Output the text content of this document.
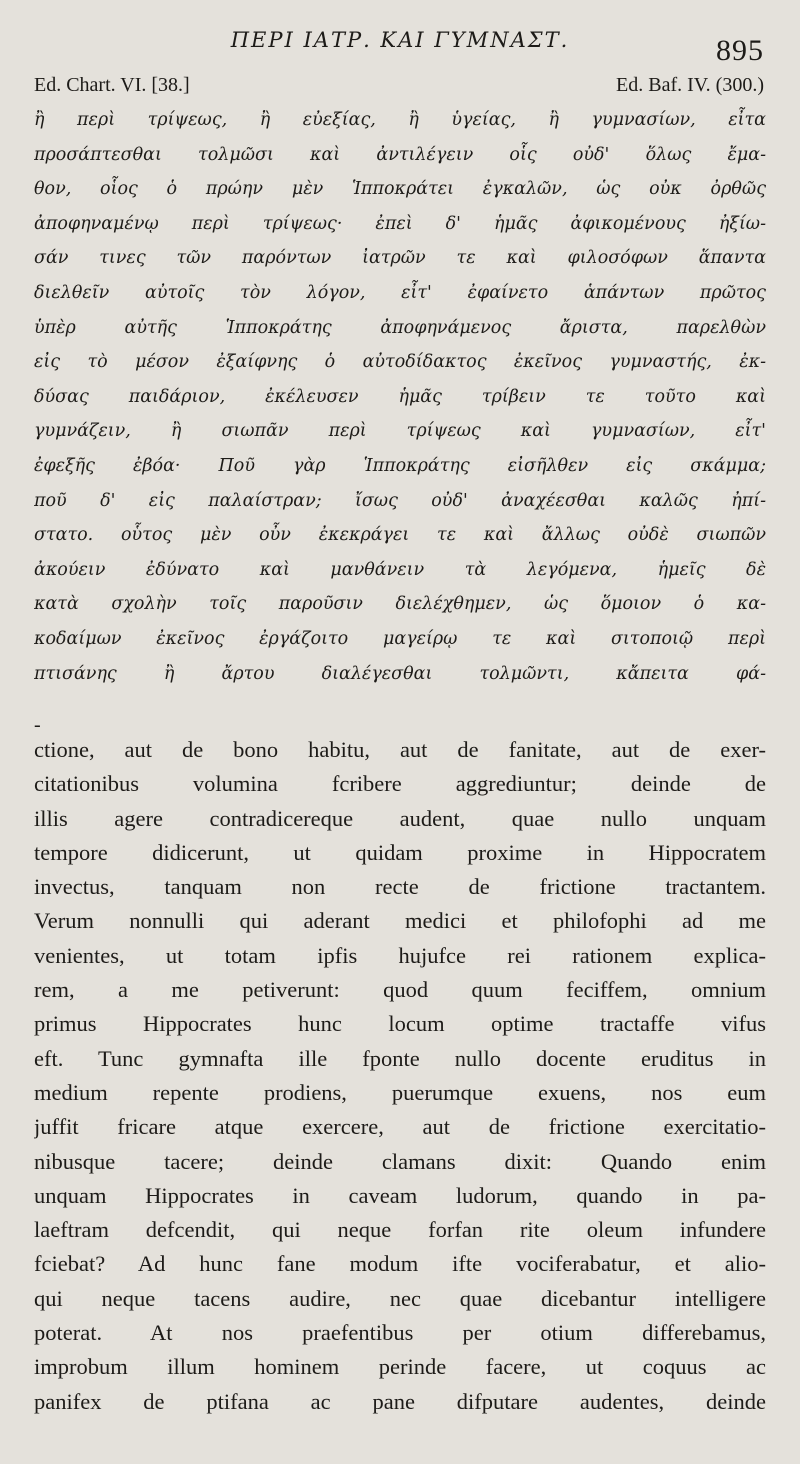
ΠΕΡΙ ΙΑΤΡ. ΚΑΙ ΓΥΜΝΑΣΤ.	895
Ed. Chart. VI. [38.]	Ed. Baf. IV. (300.)
ἢ περὶ τρίψεως, ἢ εὐεξίας, ἢ ὑγείας, ἢ γυμνασίων, εἶτα
προσάπτεσθαι τολμῶσι καὶ ἀντιλέγειν οἷς οὐδ' ὅλως ἔμα-
θον, οἷος ὁ πρώην μὲν Ἱπποκράτει ἐγκαλῶν, ὡς οὐκ ὀρθῶς
ἀποφηναμένῳ περὶ τρίψεως· ἐπεὶ δ' ἡμᾶς ἀφικομένους ἠξίω-
σάν τινες τῶν παρόντων ἰατρῶν τε καὶ φιλοσόφων ἅπαντα
διελθεῖν αὐτοῖς τὸν λόγον, εἶτ' ἐφαίνετο ἁπάντων πρῶτος
ὑπὲρ αὐτῆς Ἱπποκράτης ἀποφηνάμενος ἄριστα, παρελθὼν
εἰς τὸ μέσον ἐξαίφνης ὁ αὐτοδίδακτος ἐκεῖνος γυμναστής, ἐκ-
δύσας παιδάριον, ἐκέλευσεν ἡμᾶς τρίβειν τε τοῦτο καὶ
γυμνάζειν, ἢ σιωπᾶν περὶ τρίψεως καὶ γυμνασίων, εἶτ'
ἐφεξῆς ἐβόα· Ποῦ γὰρ Ἱπποκράτης εἰσῆλθεν εἰς σκάμμα;
ποῦ δ' εἰς παλαίστραν; ἴσως οὐδ' ἀναχέεσθαι καλῶς ἠπί-
στατο. οὗτος μὲν οὖν ἐκεκράγει τε καὶ ἄλλως οὐδὲ σιωπῶν
ἀκούειν ἐδύνατο καὶ μανθάνειν τὰ λεγόμενα, ἡμεῖς δὲ
κατὰ σχολὴν τοῖς παροῦσιν διελέχθημεν, ὡς ὅμοιον ὁ κα-
κοδαίμων ἐκεῖνος ἐργάζοιτο μαγείρῳ τε καὶ σιτοποιῷ περὶ
πτισάνης ἢ ἄρτου διαλέγεσθαι τολμῶντι, κἄπειτα φά-
-
ctione, aut de bono habitu, aut de fanitate, aut de exer-
citationibus volumina fcribere aggrediuntur; deinde de
illis agere contradicereque audent, quae nullo unquam
tempore didicerunt, ut quidam proxime in Hippocratem
invectus, tanquam non recte de frictione tractantem.
Verum nonnulli qui aderant medici et philofophi ad me
venientes, ut totam ipfis hujufce rei rationem explica-
rem, a me petiverunt: quod quum feciffem, omnium
primus Hippocrates hunc locum optime tractaffe vifus
eft. Tunc gymnafta ille fponte nullo docente eruditus in
medium repente prodiens, puerumque exuens, nos eum
juffit fricare atque exercere, aut de frictione exercitatio-
nibusque tacere; deinde clamans dixit: Quando enim
unquam Hippocrates in caveam ludorum, quando in pa-
laeftram defcendit, qui neque forfan rite oleum infundere
fciebat? Ad hunc fane modum ifte vociferabatur, et alio-
qui neque tacens audire, nec quae dicebantur intelligere
poterat. At nos praefentibus per otium differebamus,
improbum illum hominem perinde facere, ut coquus ac
panifex de ptifana ac pane difputare audentes, deinde
